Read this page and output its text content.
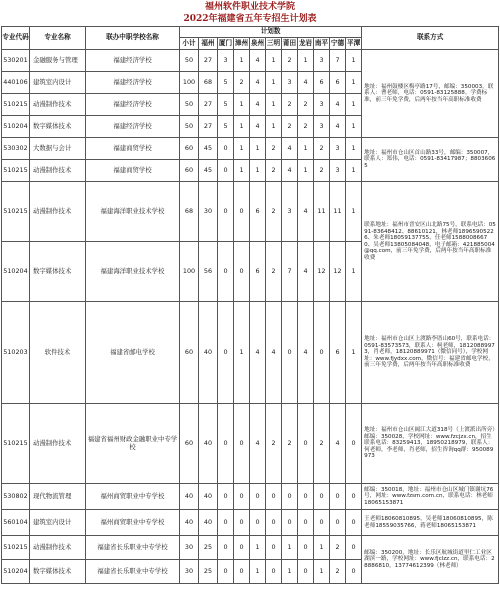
福州软件职业技术学院
2022年福建省五年专招生计划表
专业代码	专业名称	联办中职学校名称	计划数											联系方式
			小计	福州	厦门	漳州	泉州	三明	莆田	龙岩	南平	宁德	平潭	
530201	金融服务与管理	福建经济学校	50	27	3	1	4	1	2	1	3	7	1	地址：福州鼓楼区梅亭路17号，邮编：350003。联系人：曹老师，电话：0591-83125888。学费标准，前三年免学费，后两年按当年高职标准收费
440106	建筑室内设计	福建经济学校	100	68	5	2	4	1	3	4	6	6	1	
510215	动漫制作技术	福建经济学校	50	27	5	1	4	1	2	2	3	4	1	
510204	数字媒体技术	福建经济学校	50	27	5	1	4	1	2	2	3	4	1	
530302	大数据与会计	福建商贸学校	60	45	0	1	1	2	4	1	2	3	1	地址：福州市仓山区首山路33号，邮编：350007，联系人：郑伟，电话：0591-83417987；88036065
510215	动漫制作技术	福建商贸学校	60	45	0	1	1	2	4	1	2	3	1	
510215	动漫制作技术	福建海洋职业技术学校	68	30	0	0	6	2	3	4	11	11	1	联系地址：福州市晋安区山北路75号，联系电话：0591-83648412、88610121，林老师18965905226、朱老师18059137755、任老师15880086670、吴老师13805084048，电子邮箱：421885004@qq.com，前三年免学费，后两年按当年高职标准收费
510204	数字媒体技术	福建海洋职业技术学校	100	56	0	0	6	2	7	4	12	12	1	
510203	软件技术	福建省邮电学校	60	40	0	1	4	4	0	4	0	6	1	地址：福州市仓山区上渡路李厝山60号，联系电话：0591-83573573，联系人：柯老师，18120889973，肖老师，18120889971（微信同号），学校网址：www.fjydxx.com，微信号：福建省邮电学校，前三年免学费，后两年按当年高职标准收费
510215	动漫制作技术	福建省福州财政金融职业中专学校	60	40	0	0	4	2	2	0	2	4	0	地址：福州市仓山区阔江大道318号（上渡派出所旁）邮编：350028，学校网址：www.fzcjzx.cn，招生联系电话：83259413，18950218979，联系人：何老师，李老师，肖老师，招生咨询qq群：950089973
530802	现代物流管理	福州商贸职业中专学校	40	40	0	0	0	0	0	0	0	0	0	邮编：350018，地址：福州市仓山区城门镇谢坑76号，网址：www.fzsm.com.cn，联系电话：林老师18065153871
560104	建筑室内设计	福州商贸职业中专学校	40	40	0	0	0	0	0	0	0	0	0	王老师18060810895，吴老师18060810895，陈老师18559035766，蒋老师18065153871
510215	动漫制作技术	福建省长乐职业中专学校	30	25	0	0	1	0	1	0	1	2	0	邮编：350200，地址：长乐区航城街道里仁工业区湖滨一路，学校网址：www.fjclzz.cn，联系电话：28886810，13774612399（林老师）
510204	数字媒体技术	福建省长乐职业中专学校	30	25	0	0	1	0	1	0	1	2	0	
